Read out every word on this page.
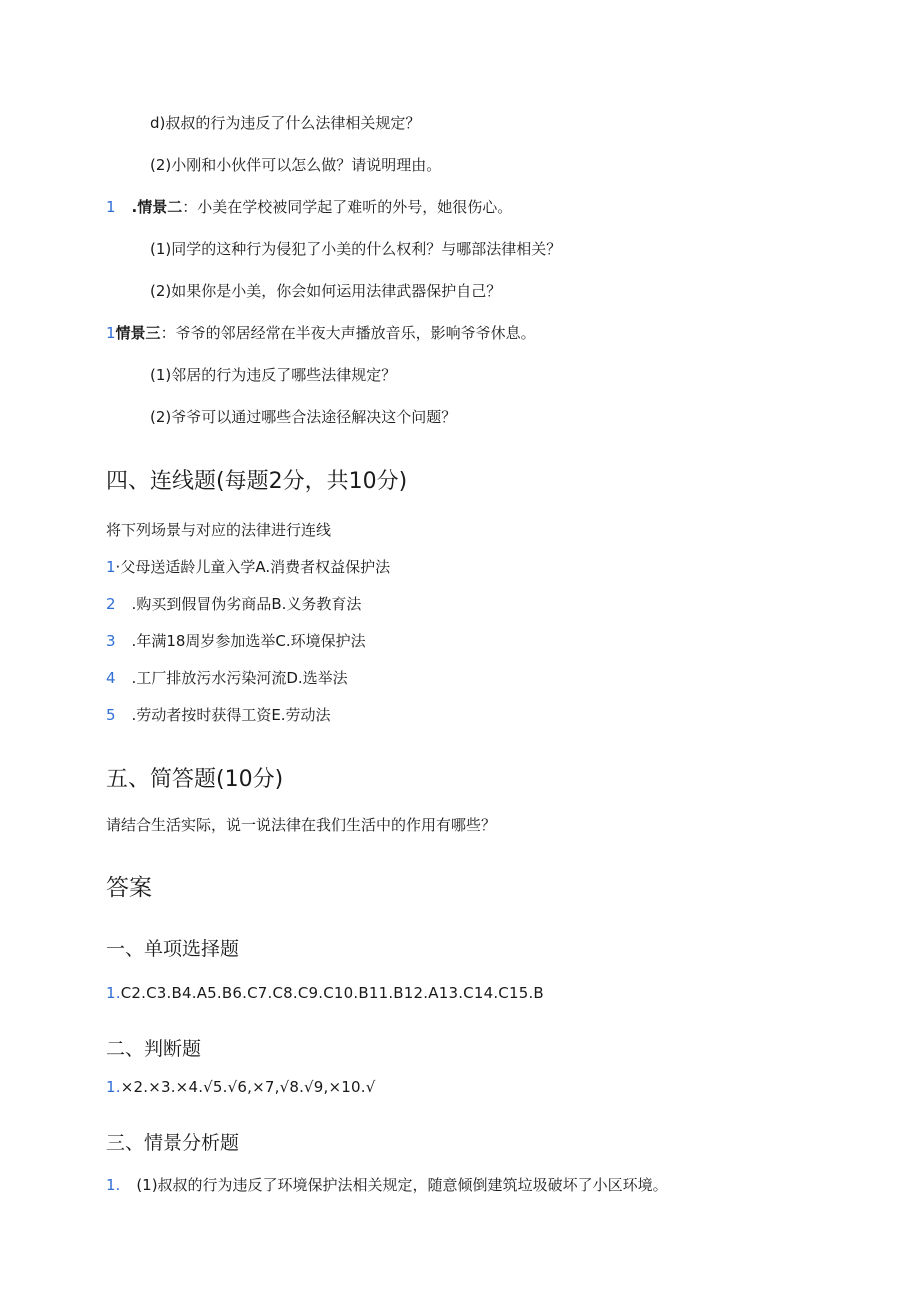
d)叔叔的行为违反了什么法律相关规定？
(2)小刚和小伙伴可以怎么做？请说明理由。
1 .情景二：小美在学校被同学起了难听的外号，她很伤心。
(1)同学的这种行为侵犯了小美的什么权利？与哪部法律相关？
(2)如果你是小美，你会如何运用法律武器保护自己？
1情景三：爷爷的邻居经常在半夜大声播放音乐，影响爷爷休息。
(1)邻居的行为违反了哪些法律规定？
(2)爷爷可以通过哪些合法途径解决这个问题？
四、连线题(每题2分，共10分)
将下列场景与对应的法律进行连线
1·父母送适龄儿童入学A.消费者权益保护法
2 .购买到假冒伪劣商品B.义务教育法
3 .年满18周岁参加选举C.环境保护法
4 .工厂排放污水污染河流D.选举法
5 .劳动者按时获得工资E.劳动法
五、简答题(10分)
请结合生活实际，说一说法律在我们生活中的作用有哪些？
答案
一、单项选择题
1.C2.C3.B4.A5.B6.C7.C8.C9.C10.B11.B12.A13.C14.C15.B
二、判断题
1.×2.×3.×4.√5.√6,×7,√8.√9,×10.√
三、情景分析题
1. (1)叔叔的行为违反了环境保护法相关规定，随意倾倒建筑垃圾破坏了小区环境。
